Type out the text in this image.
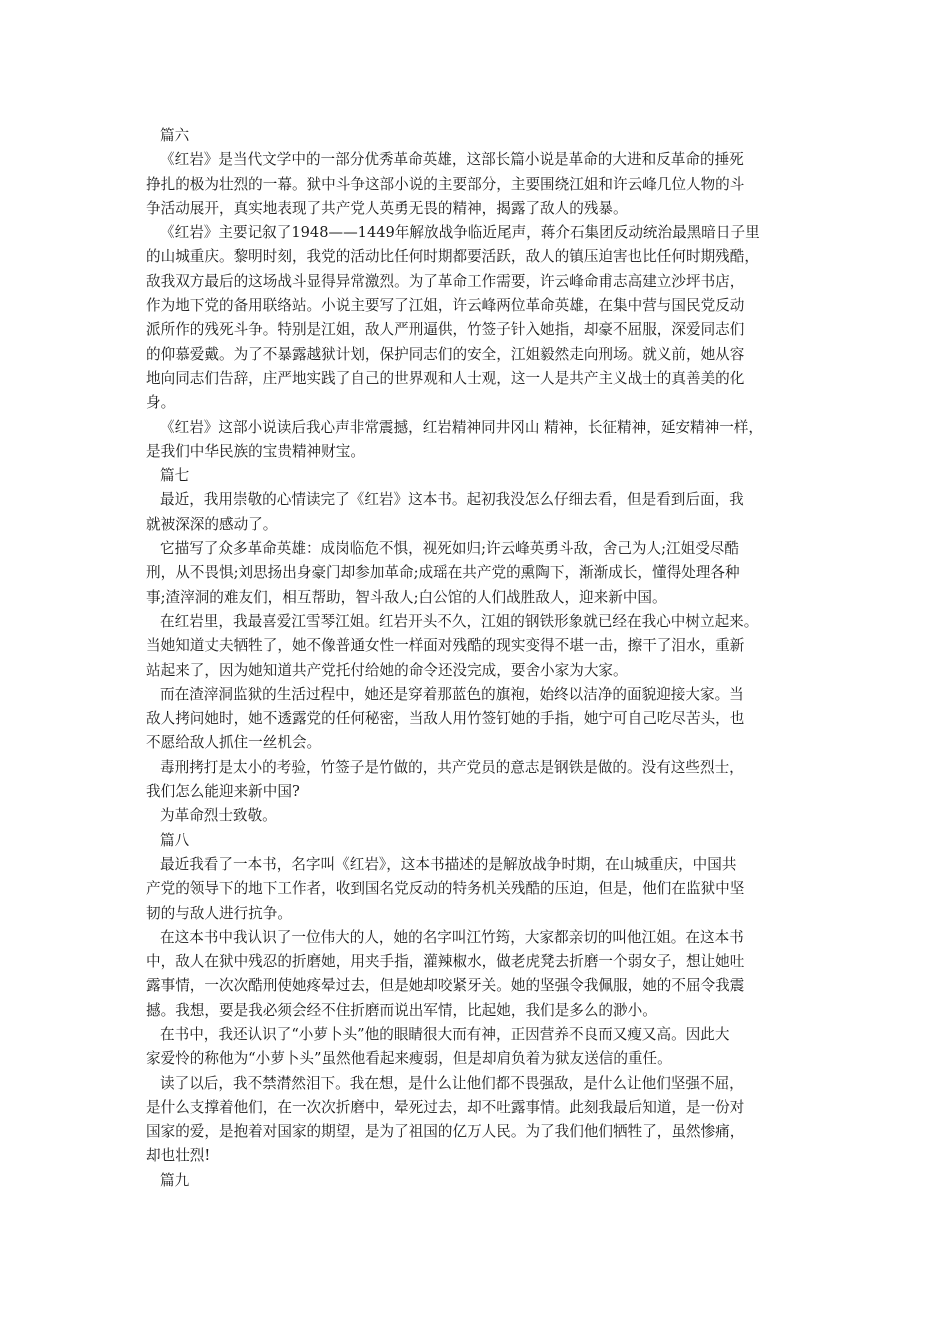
篇六
《红岩》是当代文学中的一部分优秀革命英雄，这部长篇小说是革命的大进和反革命的捶死
挣扎的极为壮烈的一幕。狱中斗争这部小说的主要部分，主要围绕江姐和许云峰几位人物的斗
争活动展开，真实地表现了共产党人英勇无畏的精神，揭露了敌人的残暴。
《红岩》主要记叙了1948——1449年解放战争临近尾声，蒋介石集团反动统治最黑暗日子里
的山城重庆。黎明时刻，我党的活动比任何时期都要活跃，敌人的镇压迫害也比任何时期残酷，
敌我双方最后的这场战斗显得异常激烈。为了革命工作需要，许云峰命甫志高建立沙坪书店，
作为地下党的备用联络站。小说主要写了江姐，许云峰两位革命英雄，在集中营与国民党反动
派所作的残死斗争。特别是江姐，敌人严刑逼供，竹签子针入她指，却豪不屈服，深爱同志们
的仰慕爱戴。为了不暴露越狱计划，保护同志们的安全，江姐毅然走向刑场。就义前，她从容
地向同志们告辞，庄严地实践了自己的世界观和人士观，这一人是共产主义战士的真善美的化
身。
《红岩》这部小说读后我心声非常震撼，红岩精神同井冈山 精神，长征精神，延安精神一样，
是我们中华民族的宝贵精神财宝。
篇七
最近，我用崇敬的心情读完了《红岩》这本书。起初我没怎么仔细去看，但是看到后面，我
就被深深的感动了。
它描写了众多革命英雄：成岗临危不惧，视死如归;许云峰英勇斗敌，舍己为人;江姐受尽酷
刑，从不畏惧;刘思扬出身豪门却参加革命;成瑶在共产党的熏陶下，渐渐成长，懂得处理各种
事;渣滓洞的难友们，相互帮助，智斗敌人;白公馆的人们战胜敌人，迎来新中国。
在红岩里，我最喜爱江雪琴江姐。红岩开头不久，江姐的钢铁形象就已经在我心中树立起来。
当她知道丈夫牺牲了，她不像普通女性一样面对残酷的现实变得不堪一击，擦干了泪水，重新
站起来了，因为她知道共产党托付给她的命令还没完成，要舍小家为大家。
而在渣滓洞监狱的生活过程中，她还是穿着那蓝色的旗袍，始终以洁净的面貌迎接大家。当
敌人拷问她时，她不透露党的任何秘密，当敌人用竹签钉她的手指，她宁可自己吃尽苦头，也
不愿给敌人抓住一丝机会。
毒刑拷打是太小的考验，竹签子是竹做的，共产党员的意志是钢铁是做的。没有这些烈士，
我们怎么能迎来新中国?
为革命烈士致敬。
篇八
最近我看了一本书，名字叫《红岩》，这本书描述的是解放战争时期，在山城重庆，中国共
产党的领导下的地下工作者，收到国名党反动的特务机关残酷的压迫，但是，他们在监狱中坚
韧的与敌人进行抗争。
在这本书中我认识了一位伟大的人，她的名字叫江竹筠，大家都亲切的叫他江姐。在这本书
中，敌人在狱中残忍的折磨她，用夹手指，灌辣椒水，做老虎凳去折磨一个弱女子，想让她吐
露事情，一次次酷刑使她疼晕过去，但是她却咬紧牙关。她的坚强令我佩服，她的不屈令我震
撼。我想，要是我必须会经不住折磨而说出军情，比起她，我们是多么的渺小。
在书中，我还认识了“小萝卜头”他的眼睛很大而有神，正因营养不良而又瘦又高。因此大
家爱怜的称他为“小萝卜头”虽然他看起来瘦弱，但是却肩负着为狱友送信的重任。
读了以后，我不禁潸然泪下。我在想，是什么让他们都不畏强敌，是什么让他们坚强不屈，
是什么支撑着他们，在一次次折磨中，晕死过去，却不吐露事情。此刻我最后知道，是一份对
国家的爱，是抱着对国家的期望，是为了祖国的亿万人民。为了我们他们牺牲了，虽然惨痛，
却也壮烈!
篇九
